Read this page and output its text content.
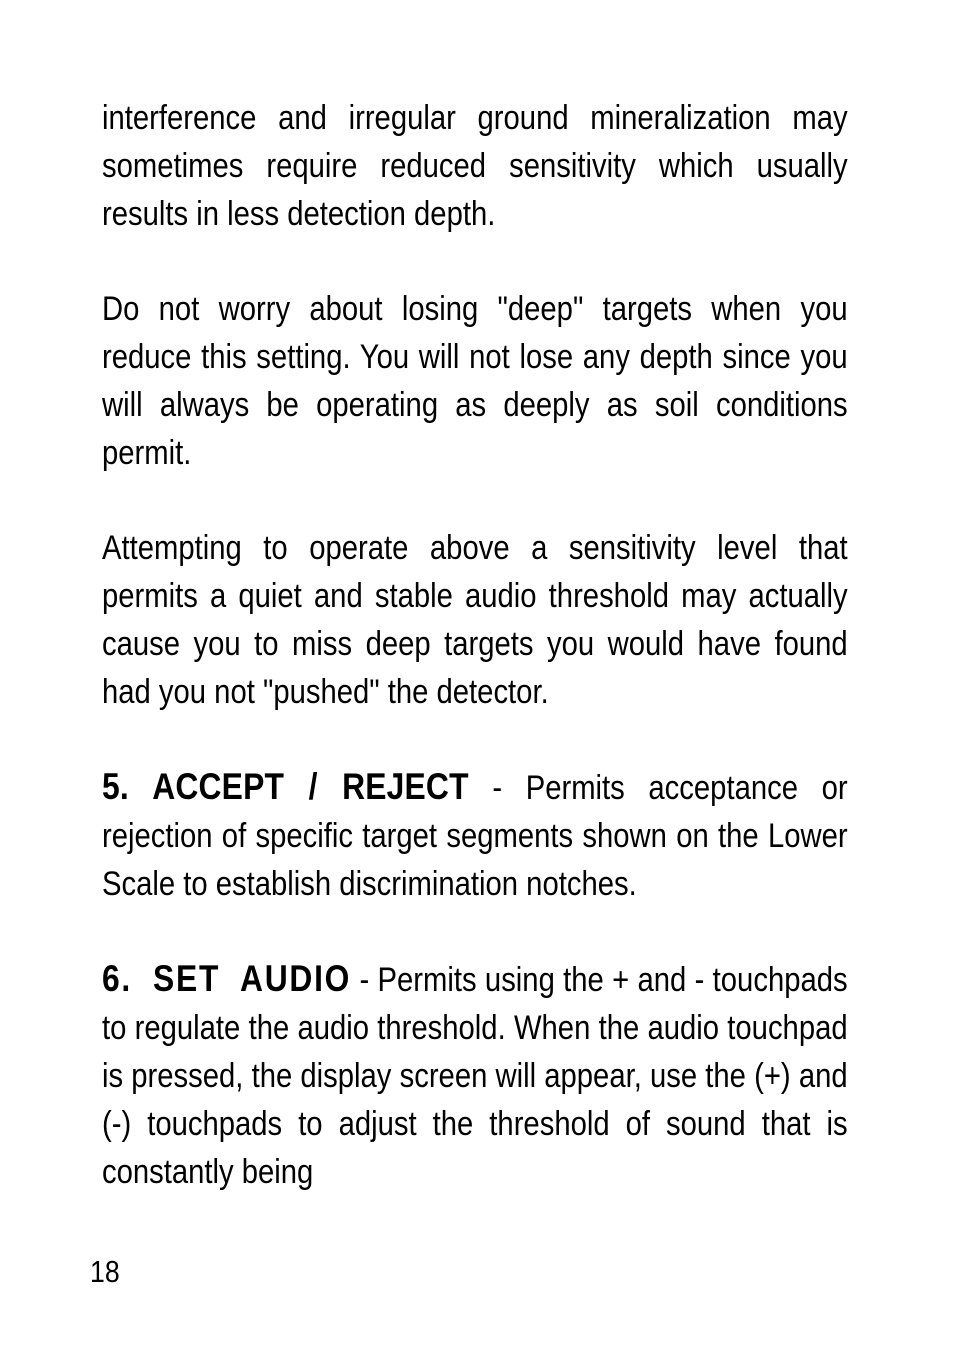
interference and irregular ground mineralization may sometimes require reduced sensitivity which usually results in less detection depth.

Do not worry about losing "deep" targets when you reduce this setting. You will not lose any depth since you will always be operating as deeply as soil conditions permit.

Attempting to operate above a sensitivity level that permits a quiet and stable audio threshold may actually cause you to miss deep targets you would have found had you not "pushed" the detector.

5. ACCEPT / REJECT - Permits acceptance or rejection of specific target segments shown on the Lower Scale to establish discrimination notches.

6. SET AUDIO - Permits using the + and - touchpads to regulate the audio threshold. When the audio touchpad is pressed, the display screen will appear, use the (+) and (-) touchpads to adjust the threshold of sound that is constantly being

18
